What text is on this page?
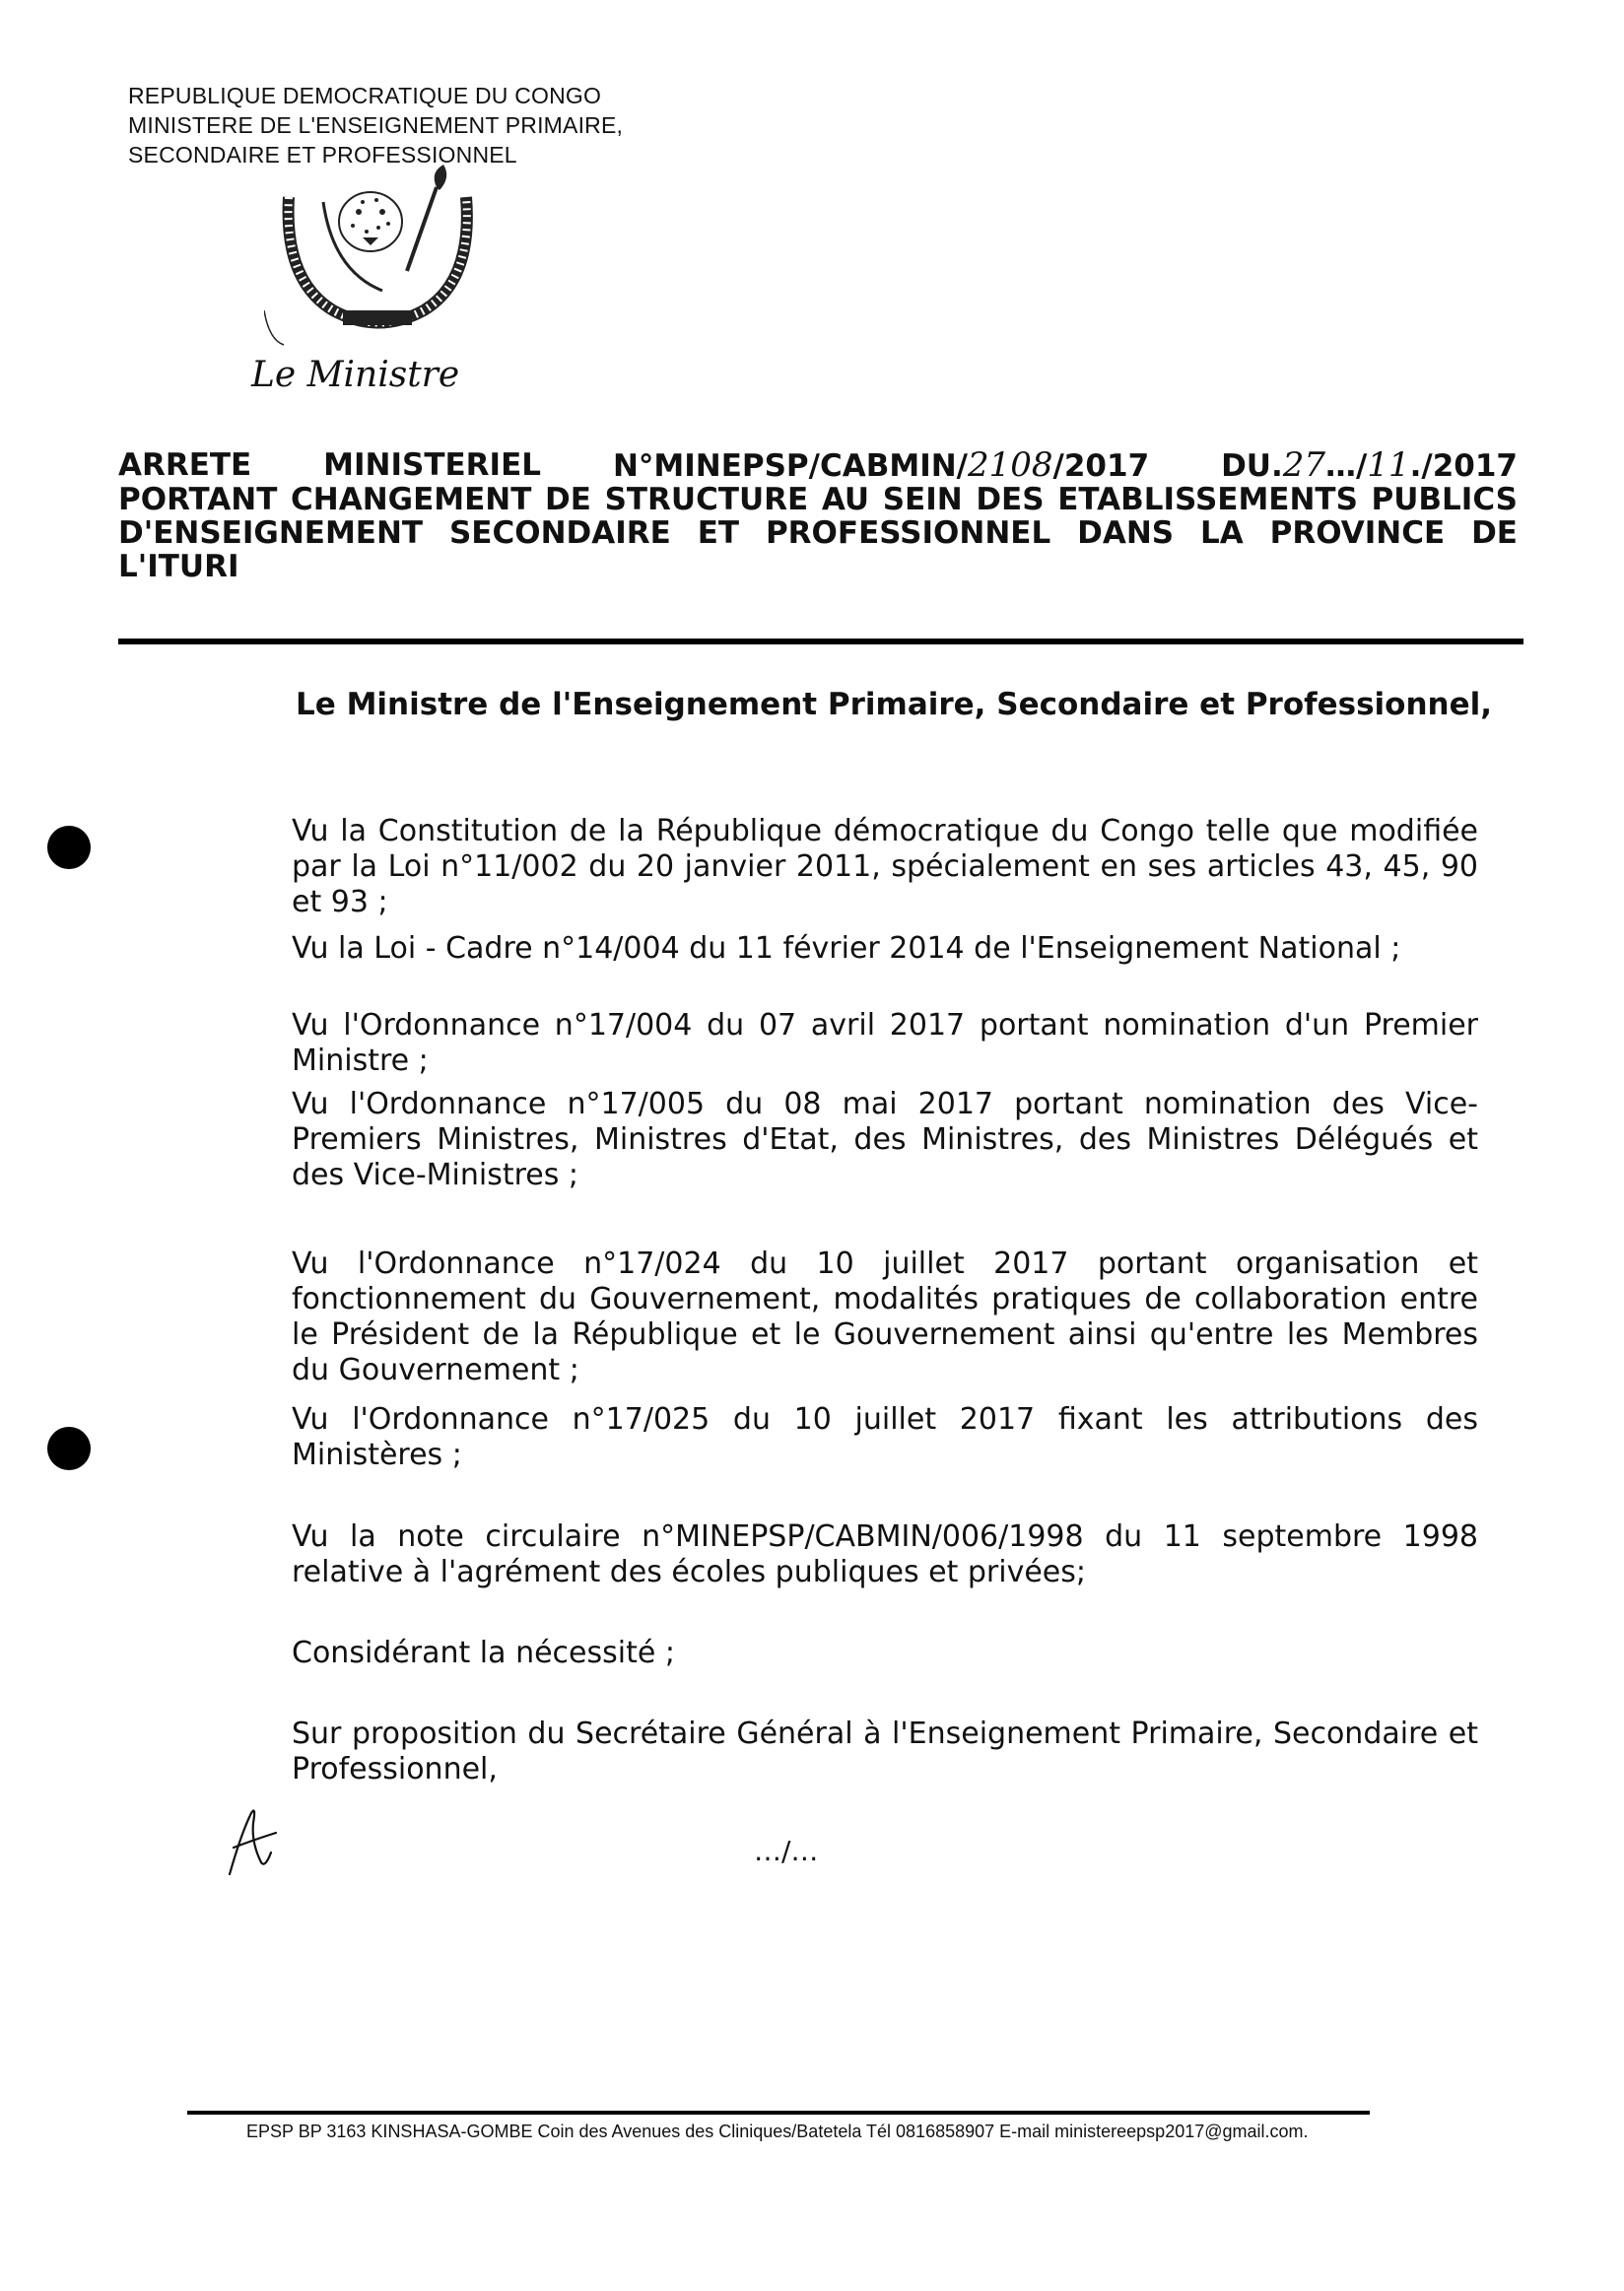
REPUBLIQUE DEMOCRATIQUE DU CONGO
MINISTERE DE L'ENSEIGNEMENT PRIMAIRE,
SECONDAIRE ET PROFESSIONNEL
Le Ministre
ARRETE MINISTERIEL N°MINEPSP/CABMIN/2108/2017 DU.27…/11./2017
PORTANT CHANGEMENT DE STRUCTURE AU SEIN DES ETABLISSEMENTS PUBLICS
D'ENSEIGNEMENT SECONDAIRE ET PROFESSIONNEL DANS LA PROVINCE DE
L'ITURI
Le Ministre de l'Enseignement Primaire, Secondaire et Professionnel,
Vu la Constitution de la République démocratique du Congo telle que modifiée par la Loi n°11/002 du 20 janvier 2011, spécialement en ses articles 43, 45, 90 et 93 ;
Vu la Loi - Cadre n°14/004 du 11 février 2014 de l'Enseignement National ;
Vu l'Ordonnance n°17/004 du 07 avril 2017 portant nomination d'un Premier Ministre ;
Vu l'Ordonnance n°17/005 du 08 mai 2017 portant nomination des Vice-Premiers Ministres, Ministres d'Etat, des Ministres, des Ministres Délégués et des Vice-Ministres ;
Vu l'Ordonnance n°17/024 du 10 juillet 2017 portant organisation et fonctionnement du Gouvernement, modalités pratiques de collaboration entre le Président de la République et le Gouvernement ainsi qu'entre les Membres du Gouvernement ;
Vu l'Ordonnance n°17/025 du 10 juillet 2017 fixant les attributions des Ministères ;
Vu la note circulaire n°MINEPSP/CABMIN/006/1998 du 11 septembre 1998 relative à l'agrément des écoles publiques et privées;
Considérant la nécessité ;
Sur proposition du Secrétaire Général à l'Enseignement Primaire, Secondaire et Professionnel,
…/…
EPSP BP 3163 KINSHASA-GOMBE Coin des Avenues des Cliniques/Batetela Tél 0816858907 E-mail ministereepsp2017@gmail.com.
